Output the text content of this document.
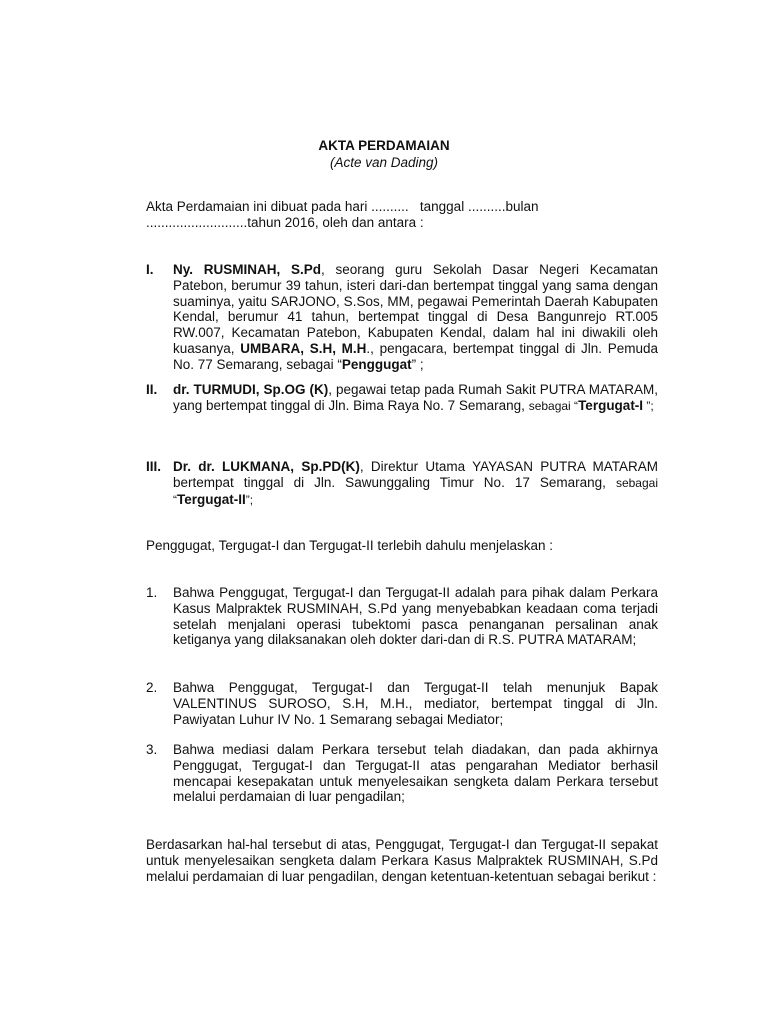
AKTA PERDAMAIAN
(Acte van Dading)
Akta Perdamaian ini dibuat pada hari ..........   tanggal ..........bulan
...........................tahun 2016, oleh dan antara :
I. Ny. RUSMINAH, S.Pd, seorang guru Sekolah Dasar Negeri Kecamatan Patebon, berumur 39 tahun, isteri dari-dan bertempat tinggal yang sama dengan suaminya, yaitu SARJONO, S.Sos, MM, pegawai Pemerintah Daerah Kabupaten Kendal, berumur 41 tahun, bertempat tinggal di Desa Bangunrejo RT.005 RW.007, Kecamatan Patebon, Kabupaten Kendal, dalam hal ini diwakili oleh kuasanya, UMBARA, S.H, M.H., pengacara, bertempat tinggal di Jln. Pemuda No. 77 Semarang, sebagai “Penggugat” ;
II. dr. TURMUDI, Sp.OG (K), pegawai tetap pada Rumah Sakit PUTRA MATARAM, yang bertempat tinggal di Jln. Bima Raya No. 7 Semarang, sebagai “Tergugat-I ”;
III. Dr. dr. LUKMANA, Sp.PD(K), Direktur Utama YAYASAN PUTRA MATARAM bertempat tinggal di Jln. Sawunggaling Timur No. 17 Semarang, sebagai “Tergugat-II”;
Penggugat, Tergugat-I dan Tergugat-II terlebih dahulu menjelaskan :
1. Bahwa Penggugat, Tergugat-I dan Tergugat-II adalah para pihak dalam Perkara Kasus Malpraktek RUSMINAH, S.Pd yang menyebabkan keadaan coma terjadi setelah menjalani operasi tubektomi pasca penanganan persalinan anak ketiganya yang dilaksanakan oleh dokter dari-dan di R.S. PUTRA MATARAM;
2. Bahwa Penggugat, Tergugat-I dan Tergugat-II telah menunjuk Bapak VALENTINUS SUROSO, S.H, M.H., mediator, bertempat tinggal di Jln. Pawiyatan Luhur IV No. 1 Semarang sebagai Mediator;
3. Bahwa mediasi dalam Perkara tersebut telah diadakan, dan pada akhirnya Penggugat, Tergugat-I dan Tergugat-II atas pengarahan Mediator berhasil mencapai kesepakatan untuk menyelesaikan sengketa dalam Perkara tersebut melalui perdamaian di luar pengadilan;
Berdasarkan hal-hal tersebut di atas, Penggugat, Tergugat-I dan Tergugat-II sepakat untuk menyelesaikan sengketa dalam Perkara Kasus Malpraktek RUSMINAH, S.Pd melalui perdamaian di luar pengadilan, dengan ketentuan-ketentuan sebagai berikut :
